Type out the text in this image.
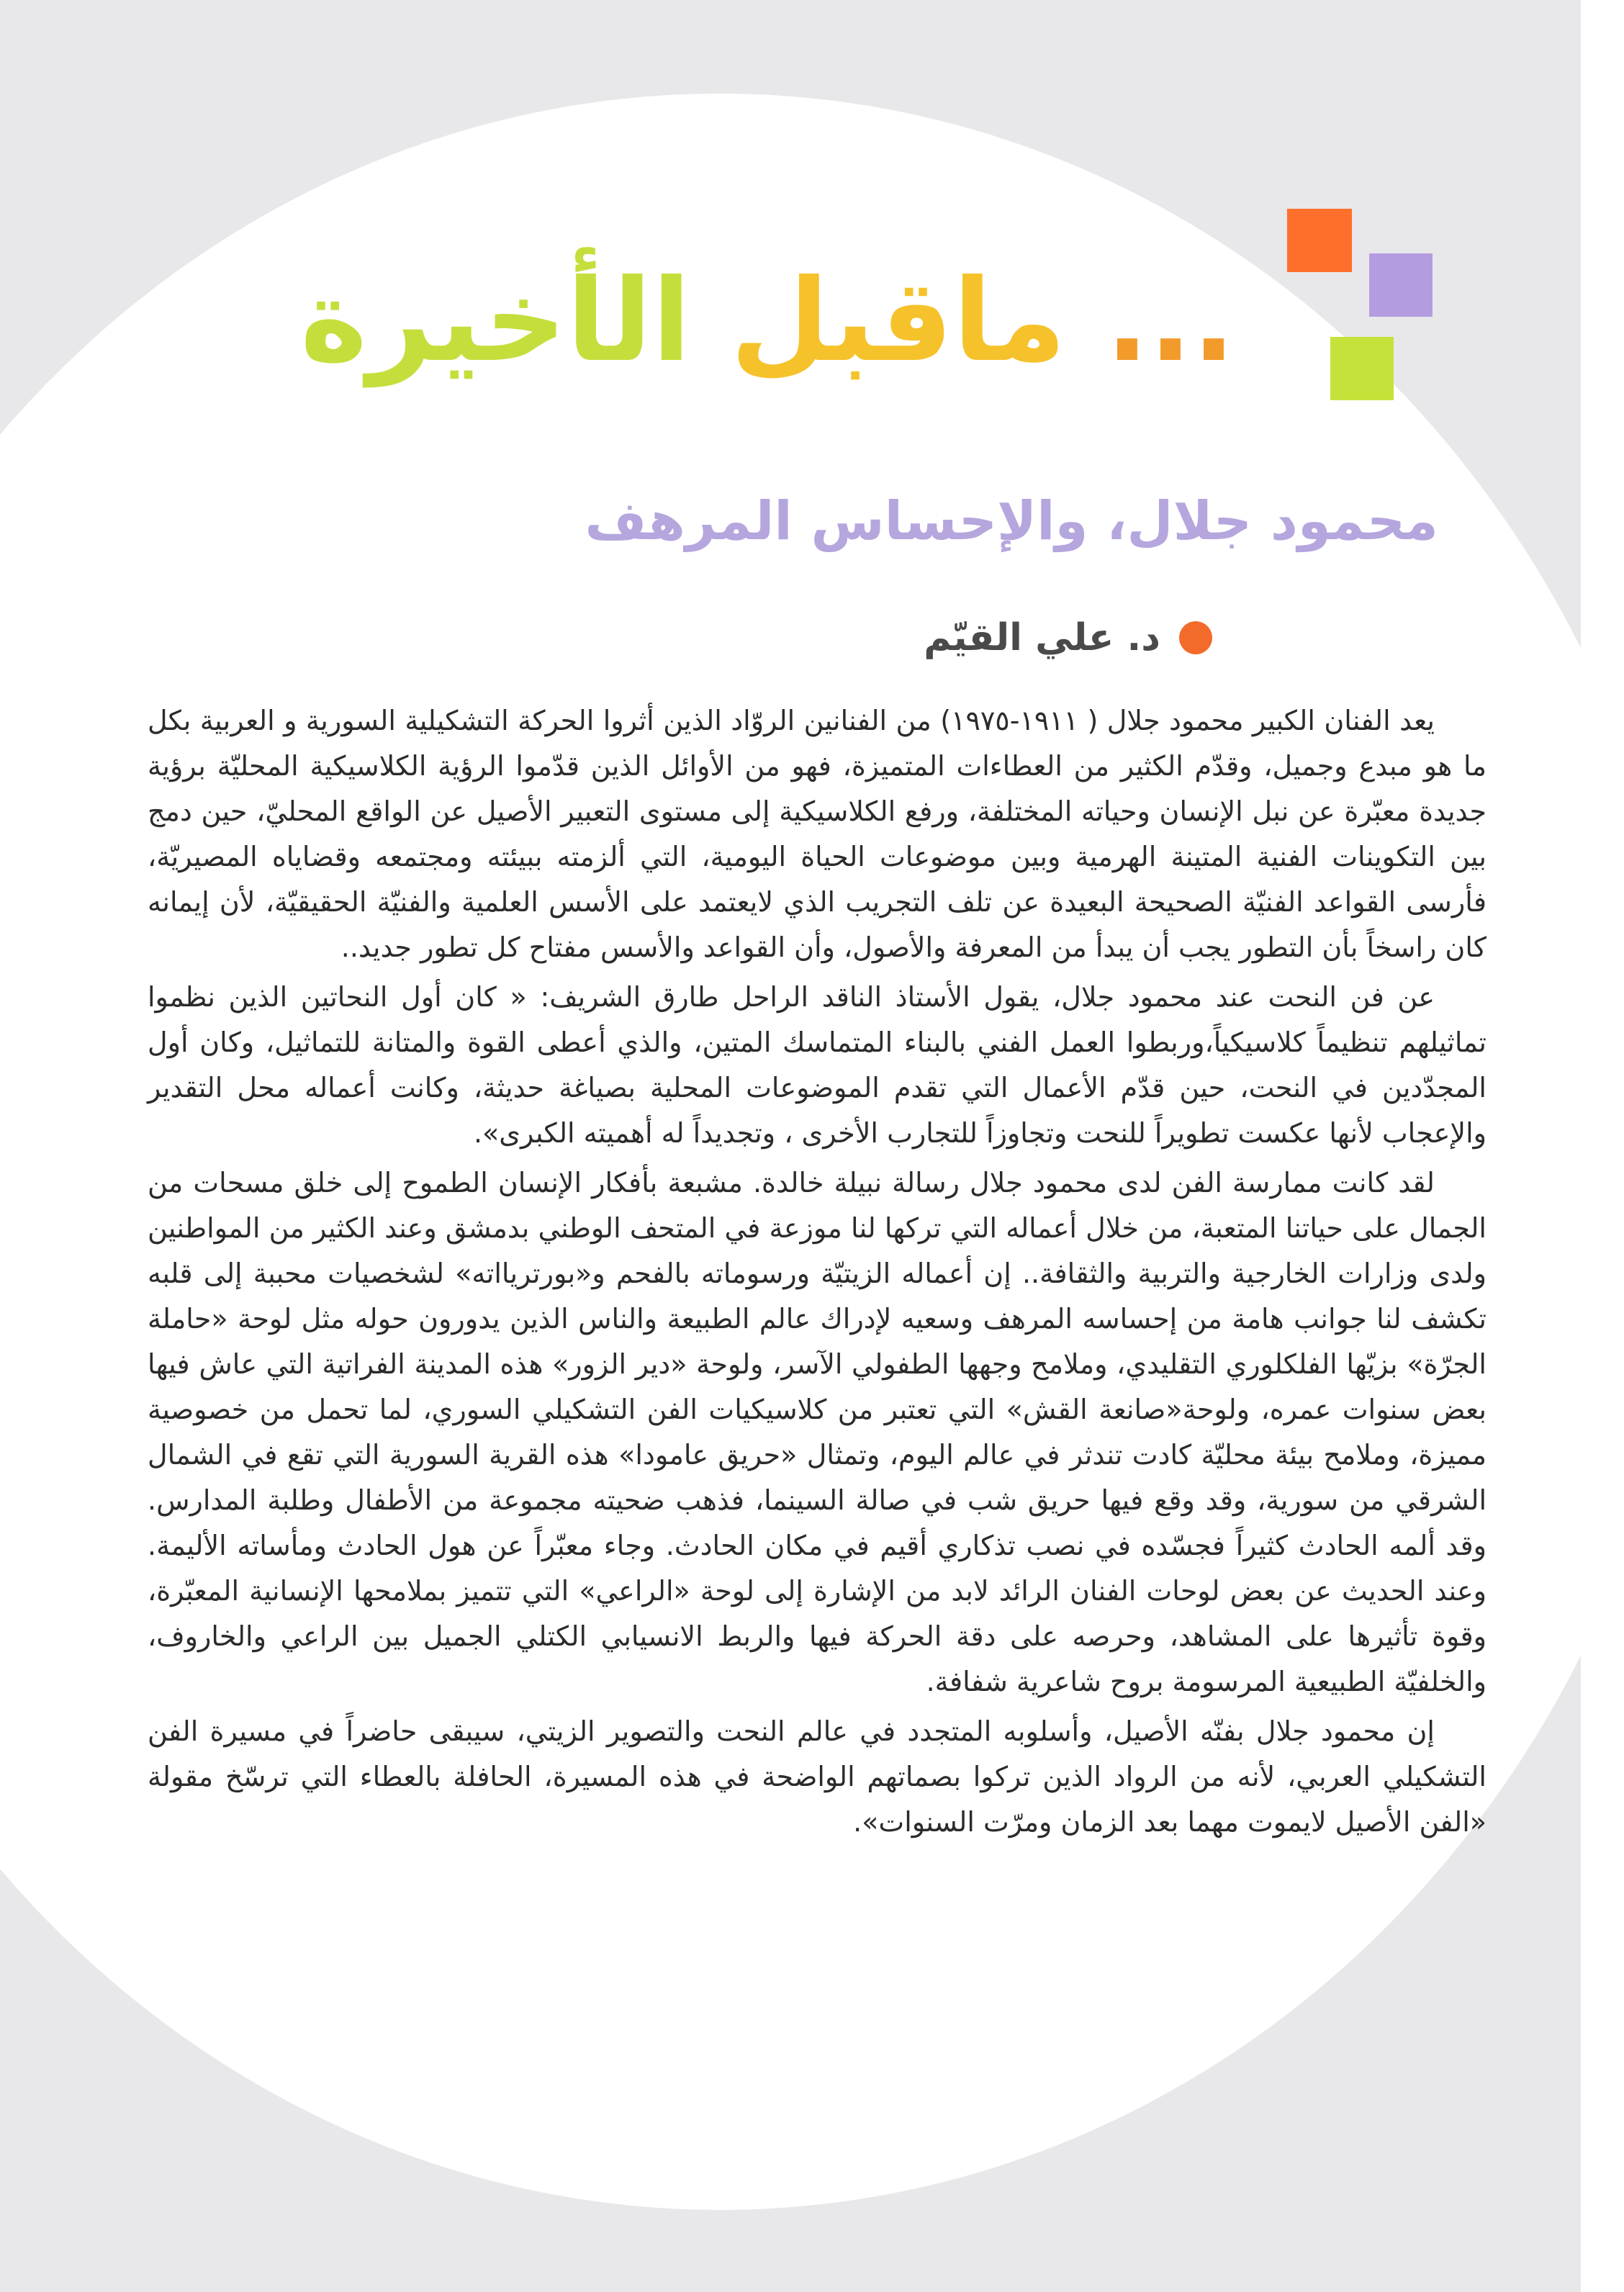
... ماقبل الأخيرة
محمود جلال، والإحساس المرهف
د. علي القيّم

يعد الفنان الكبير محمود جلال ( ١٩١١-١٩٧٥) من الفنانين الروّاد الذين أثروا الحركة التشكيلية السورية و العربية بكل ما هو مبدع وجميل، وقدّم الكثير من العطاءات المتميزة، فهو من الأوائل الذين قدّموا الرؤية الكلاسيكية المحليّة برؤية جديدة معبّرة عن نبل الإنسان وحياته المختلفة، ورفع الكلاسيكية إلى مستوى التعبير الأصيل عن الواقع المحليّ، حين دمج بين التكوينات الفنية المتينة الهرمية وبين موضوعات الحياة اليومية، التي ألزمته ببيئته ومجتمعه وقضاياه المصيريّة، فأرسى القواعد الفنيّة الصحيحة البعيدة عن تلف التجريب الذي لايعتمد على الأسس العلمية والفنيّة الحقيقيّة، لأن إيمانه كان راسخاً بأن التطور يجب أن يبدأ من المعرفة والأصول، وأن القواعد والأسس مفتاح كل تطور جديد..

عن فن النحت عند محمود جلال، يقول الأستاذ الناقد الراحل طارق الشريف: « كان أول النحاتين الذين نظموا تماثيلهم تنظيماً كلاسيكياً،وربطوا العمل الفني بالبناء المتماسك المتين، والذي أعطى القوة والمتانة للتماثيل، وكان أول المجدّدين في النحت، حين قدّم الأعمال التي تقدم الموضوعات المحلية بصياغة حديثة، وكانت أعماله محل التقدير والإعجاب لأنها عكست تطويراً للنحت وتجاوزاً للتجارب الأخرى ، وتجديداً له أهميته الكبرى».

لقد كانت ممارسة الفن لدى محمود جلال رسالة نبيلة خالدة. مشبعة بأفكار الإنسان الطموح إلى خلق مسحات من الجمال على حياتنا المتعبة، من خلال أعماله التي تركها لنا موزعة في المتحف الوطني بدمشق وعند الكثير من المواطنين ولدى وزارات الخارجية والتربية والثقافة.. إن أعماله الزيتيّة ورسوماته بالفحم و«بورتريااته» لشخصيات محببة إلى قلبه تكشف لنا جوانب هامة من إحساسه المرهف وسعيه لإدراك عالم الطبيعة والناس الذين يدورون حوله مثل لوحة «حاملة الجرّة» بزيّها الفلكلوري التقليدي، وملامح وجهها الطفولي الآسر، ولوحة «دير الزور» هذه المدينة الفراتية التي عاش فيها بعض سنوات عمره، ولوحة«صانعة القش» التي تعتبر من كلاسيكيات الفن التشكيلي السوري، لما تحمل من خصوصية مميزة، وملامح بيئة محليّة كادت تندثر في عالم اليوم، وتمثال «حريق عامودا» هذه القرية السورية التي تقع في الشمال الشرقي من سورية، وقد وقع فيها حريق شب في صالة السينما، فذهب ضحيته مجموعة من الأطفال وطلبة المدارس. وقد ألمه الحادث كثيراً فجسّده في نصب تذكاري أقيم في مكان الحادث. وجاء معبّراً عن هول الحادث ومأساته الأليمة. وعند الحديث عن بعض لوحات الفنان الرائد لابد من الإشارة إلى لوحة «الراعي» التي تتميز بملامحها الإنسانية المعبّرة، وقوة تأثيرها على المشاهد، وحرصه على دقة الحركة فيها والربط الانسيابي الكتلي الجميل بين الراعي والخاروف، والخلفيّة الطبيعية المرسومة بروح شاعرية شفافة.

إن محمود جلال بفنّه الأصيل، وأسلوبه المتجدد في عالم النحت والتصوير الزيتي، سيبقى حاضراً في مسيرة الفن التشكيلي العربي، لأنه من الرواد الذين تركوا بصماتهم الواضحة في هذه المسيرة، الحافلة بالعطاء التي ترسّخ مقولة «الفن الأصيل لايموت مهما بعد الزمان ومرّت السنوات».
